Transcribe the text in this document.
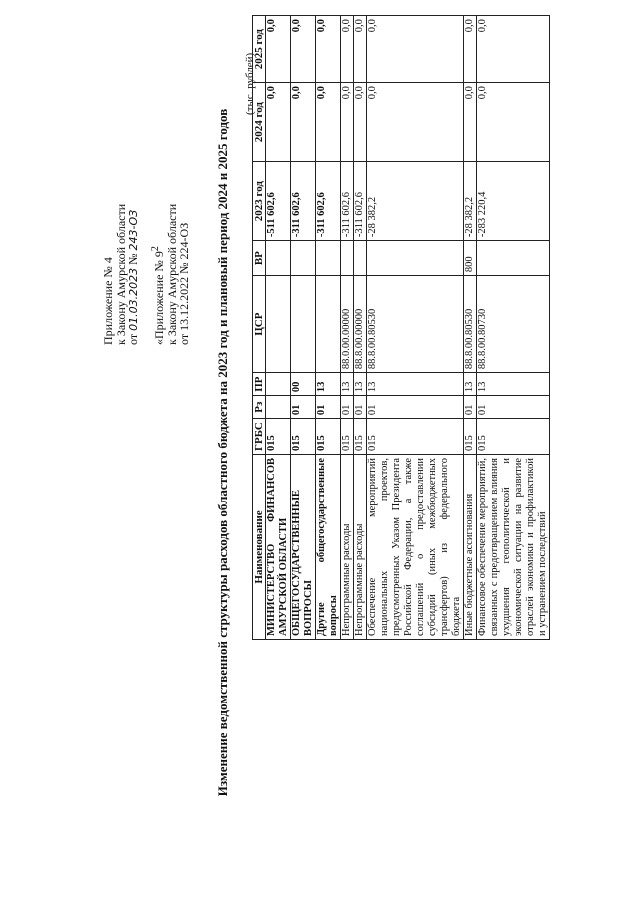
Приложение № 4
к Закону Амурской области
от 01.03.2023 № 243-ОЗ
«Приложение № $9^2$ к Закону Амурской области
от 13.12.2022 № 224-ОЗ Изменение ведомственной структуры расходов областного бюджета на 2023 год и плановый период 2024 и 2025 годов
(тыс. рублей)
Наименование	ГРБС	Рз	ПР	ЦСР	ВР	2023 год	2024 год	2025 год
МИНИСТЕРСТВО ФИНАНСОВ АМУРСКОЙ ОБЛАСТИ	015					-511 602,6	0,0	0,0
ОБЩЕГОСУДАРСТВЕННЫЕ ВОПРОСЫ	015	01	00			-311 602,6	0,0	0,0
Другие общегосударственные вопросы	015	01	13			-311 602,6	0,0	0,0
Непрограммные расходы	015	01	13	88.0.00.00000		-311 602,6	0,0	0,0
Непрограммные расходы	015	01	13	88.8.00.00000		-311 602,6	0,0	0,0
Обеспечение мероприятий национальных проектов, предусмотренных Указом Президента Российской Федерации, а также соглашений о предоставлении субсидий (иных межбюджетных трансфертов) из федерального бюджета	015	01	13	88.8.00.80530		-28 382,2	0,0	0,0
Иные бюджетные ассигнования	015	01	13	88.8.00.80530	800	-28 382,2	0,0	0,0
Финансовое обеспечение мероприятий, связанных с предотвращением влияния ухудшения геополитической и экономической ситуации на развитие отраслей экономики и профилактикой и устранением последствий	015	01	13	88.8.00.80730		-283 220,4	0,0	0,0
